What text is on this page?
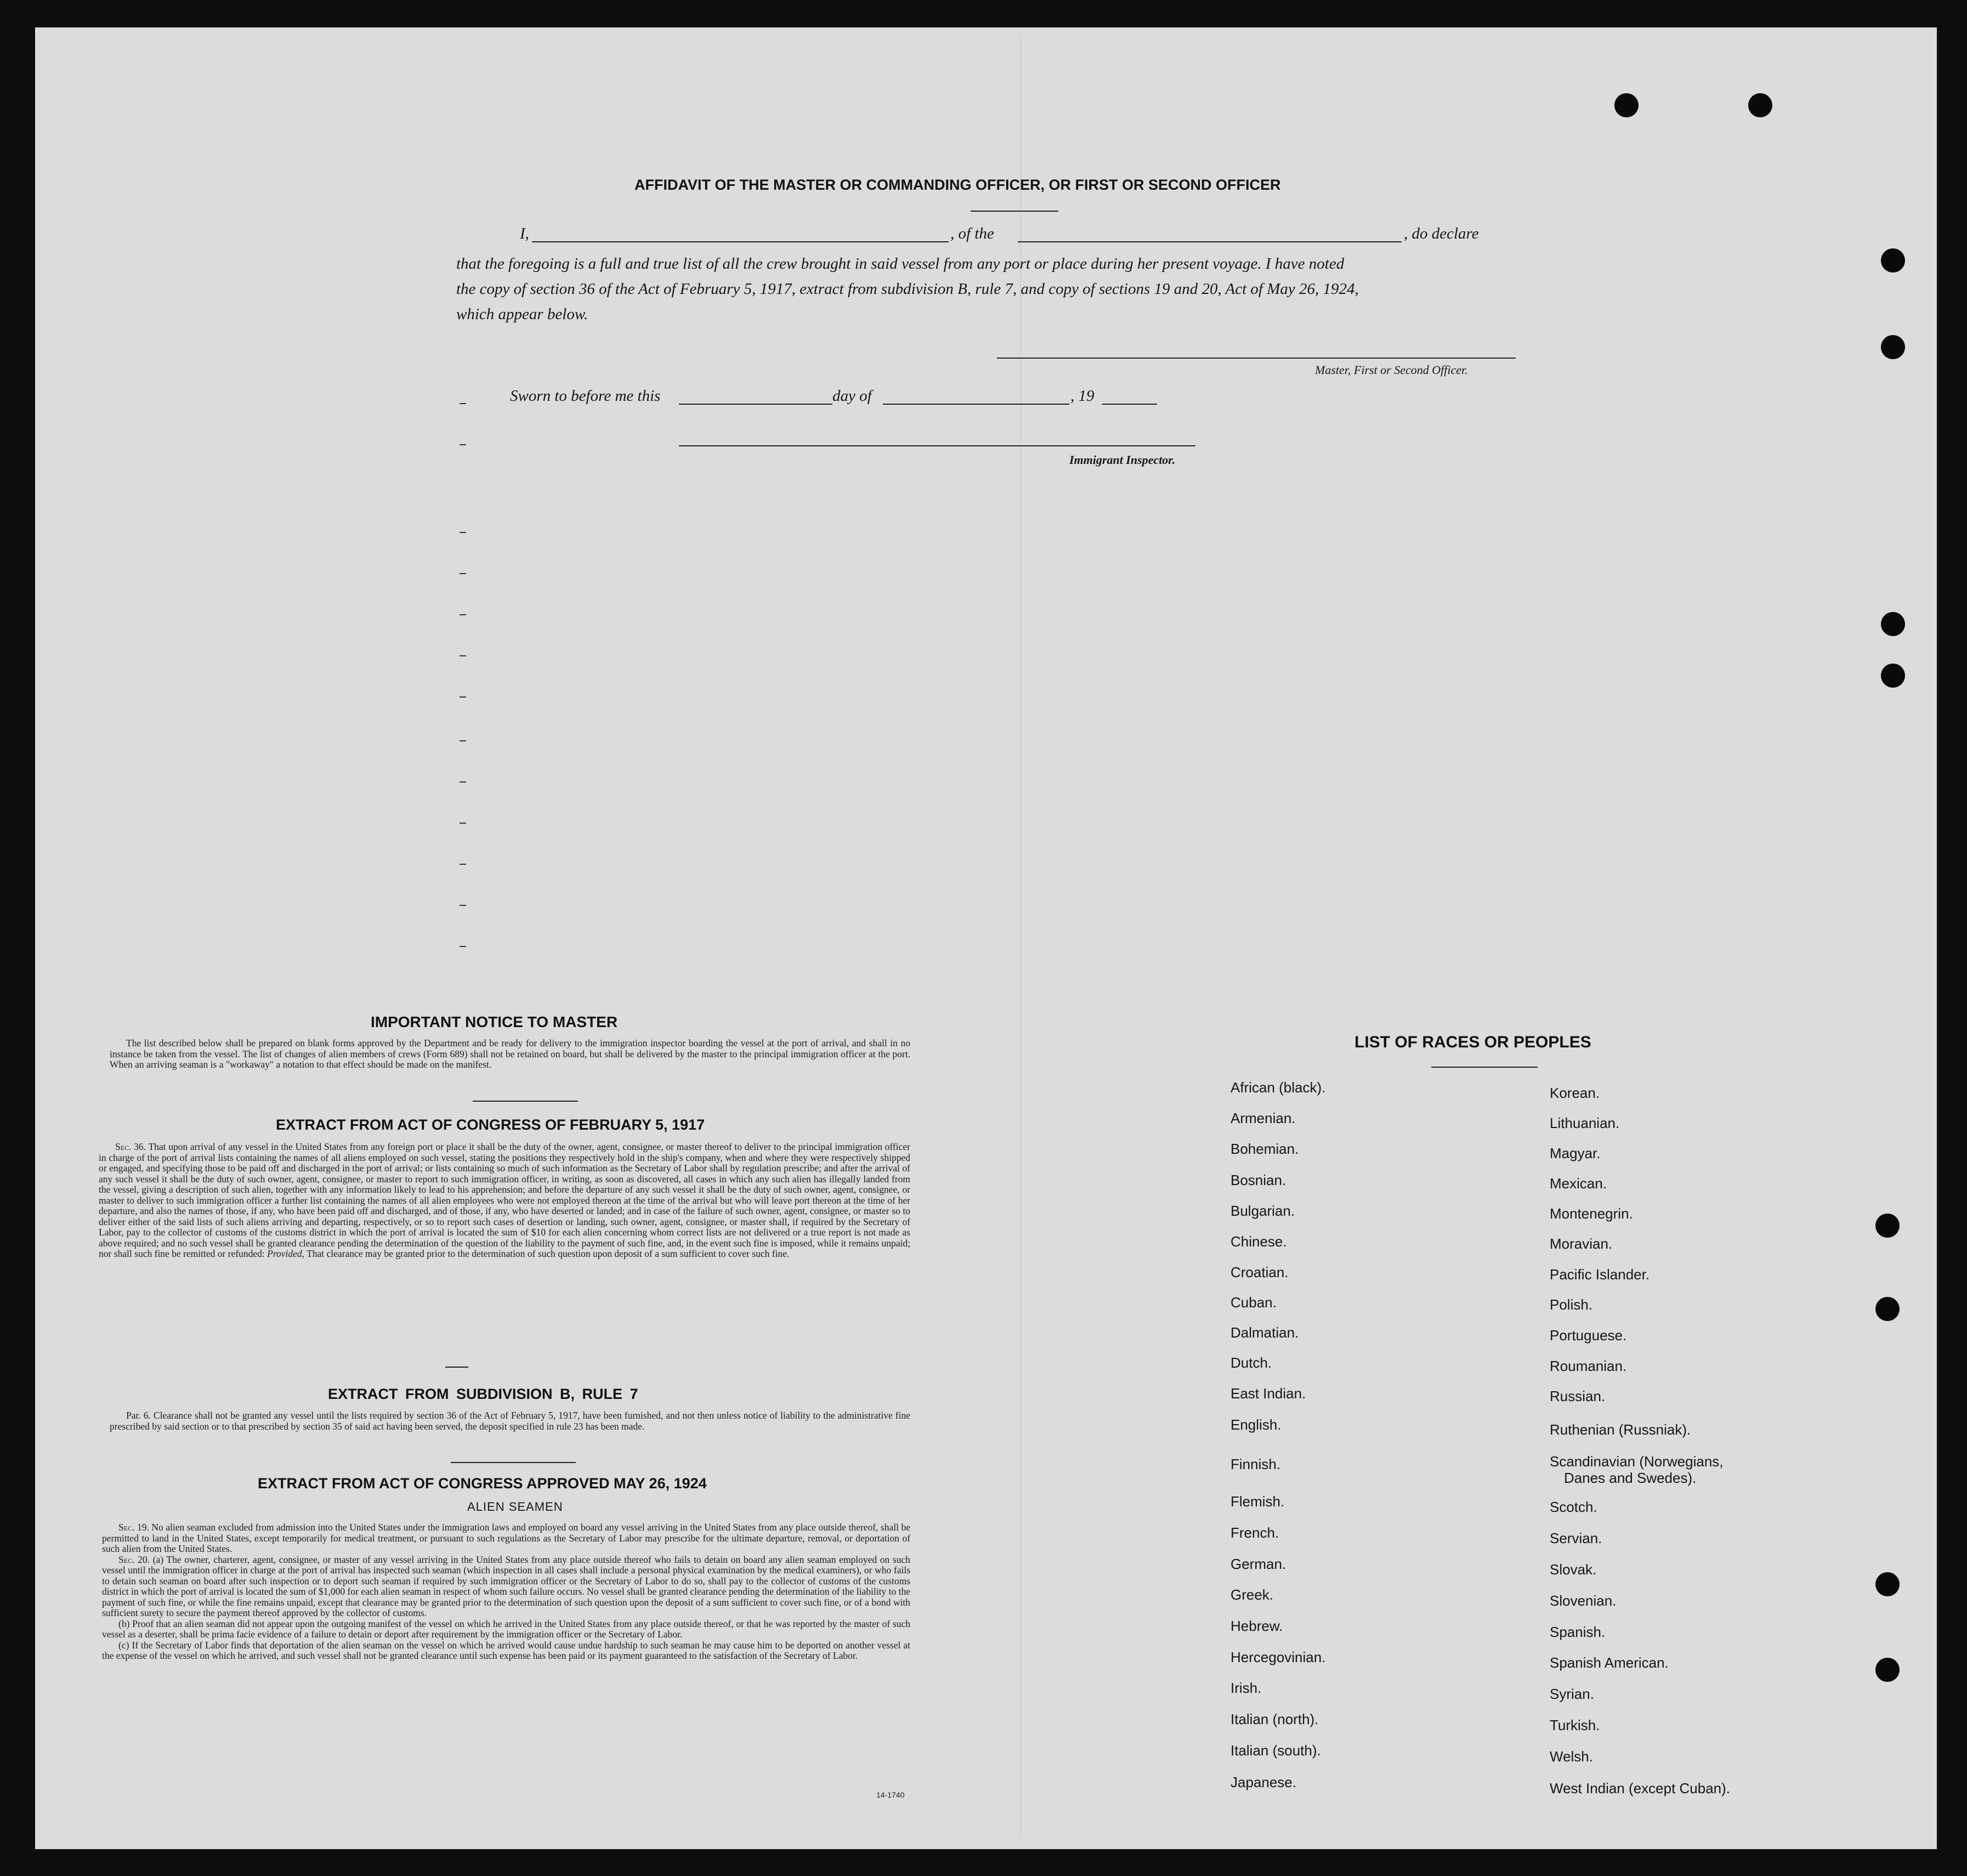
AFFIDAVIT OF THE MASTER OR COMMANDING OFFICER, OR FIRST OR SECOND OFFICER
I,	, of the	, do declare
that the foregoing is a full and true list of all the crew brought in said vessel from any port or place during her present voyage. I have noted
the copy of section 36 of the Act of February 5, 1917, extract from subdivision B, rule 7, and copy of sections 19 and 20, Act of May 26, 1924,
which appear below.
Master, First or Second Officer.
Sworn to before me this	day of	, 19
Immigrant Inspector.
IMPORTANT NOTICE TO MASTER

The list described below shall be prepared on blank forms approved by the Department and be ready for delivery to the immigration inspector boarding the vessel at the port of arrival, and shall in no instance be taken from the vessel. The list of changes of alien members of crews (Form 689) shall not be retained on board, but shall be delivered by the master to the principal immigration officer at the port. When an arriving seaman is a "workaway" a notation to that effect should be made on the manifest.

EXTRACT FROM ACT OF CONGRESS OF FEBRUARY 5, 1917

Sec. 36. That upon arrival of any vessel in the United States from any foreign port or place it shall be the duty of the owner, agent, consignee, or master thereof to deliver to the principal immigration officer in charge of the port of arrival lists containing the names of all aliens employed on such vessel, stating the positions they respectively hold in the ship's company, when and where they were respectively shipped or engaged, and specifying those to be paid off and discharged in the port of arrival; or lists containing so much of such information as the Secretary of Labor shall by regulation prescribe; and after the arrival of any such vessel it shall be the duty of such owner, agent, consignee, or master to report to such immigration officer, in writing, as soon as discovered, all cases in which any such alien has illegally landed from the vessel, giving a description of such alien, together with any information likely to lead to his apprehension; and before the departure of any such vessel it shall be the duty of such owner, agent, consignee, or master to deliver to such immigration officer a further list containing the names of all alien employees who were not employed thereon at the time of the arrival but who will leave port thereon at the time of her departure, and also the names of those, if any, who have been paid off and discharged, and of those, if any, who have deserted or landed; and in case of the failure of such owner, agent, consignee, or master so to deliver either of the said lists of such aliens arriving and departing, respectively, or so to report such cases of desertion or landing, such owner, agent, consignee, or master shall, if required by the Secretary of Labor, pay to the collector of customs of the customs district in which the port of arrival is located the sum of $10 for each alien concerning whom correct lists are not delivered or a true report is not made as above required; and no such vessel shall be granted clearance pending the determination of the question of the liability to the payment of such fine, and, in the event such fine is imposed, while it remains unpaid; nor shall such fine be remitted or refunded: Provided, That clearance may be granted prior to the determination of such question upon deposit of a sum sufficient to cover such fine.

EXTRACT FROM SUBDIVISION B, RULE 7

Par. 6. Clearance shall not be granted any vessel until the lists required by section 36 of the Act of February 5, 1917, have been furnished, and not then unless notice of liability to the administrative fine prescribed by said section or to that prescribed by section 35 of said act having been served, the deposit specified in rule 23 has been made.

EXTRACT FROM ACT OF CONGRESS APPROVED MAY 26, 1924
ALIEN SEAMEN

Sec. 19. No alien seaman excluded from admission into the United States under the immigration laws and employed on board any vessel arriving in the United States from any place outside thereof, shall be permitted to land in the United States, except temporarily for medical treatment, or pursuant to such regulations as the Secretary of Labor may prescribe for the ultimate departure, removal, or deportation of such alien from the United States.

Sec. 20. (a) The owner, charterer, agent, consignee, or master of any vessel arriving in the United States from any place outside thereof who fails to detain on board any alien seaman employed on such vessel until the immigration officer in charge at the port of arrival has inspected such seaman (which inspection in all cases shall include a personal physical examination by the medical examiners), or who fails to detain such seaman on board after such inspection or to deport such seaman if required by such immigration officer or the Secretary of Labor to do so, shall pay to the collector of customs of the customs district in which the port of arrival is located the sum of $1,000 for each alien seaman in respect of whom such failure occurs. No vessel shall be granted clearance pending the determination of the liability to the payment of such fine, or while the fine remains unpaid, except that clearance may be granted prior to the determination of such question upon the deposit of a sum sufficient to cover such fine, or of a bond with sufficient surety to secure the payment thereof approved by the collector of customs.

(b) Proof that an alien seaman did not appear upon the outgoing manifest of the vessel on which he arrived in the United States from any place outside thereof, or that he was reported by the master of such vessel as a deserter, shall be prima facie evidence of a failure to detain or deport after requirement by the immigration officer or the Secretary of Labor.

(c) If the Secretary of Labor finds that deportation of the alien seaman on the vessel on which he arrived would cause undue hardship to such seaman he may cause him to be deported on another vessel at the expense of the vessel on which he arrived, and such vessel shall not be granted clearance until such expense has been paid or its payment guaranteed to the satisfaction of the Secretary of Labor.

14-1740
LIST OF RACES OR PEOPLES
African (black).
Armenian.
Bohemian.
Bosnian.
Bulgarian.
Chinese.
Croatian.
Cuban.
Dalmatian.
Dutch.
East Indian.
English.
Finnish.
Flemish.
French.
German.
Greek.
Hebrew.
Hercegovinian.
Irish.
Italian (north).
Italian (south).
Japanese.
Korean.
Lithuanian.
Magyar.
Mexican.
Montenegrin.
Moravian.
Pacific Islander.
Polish.
Portuguese.
Roumanian.
Russian.
Ruthenian (Russniak).
Scandinavian (Norwegians,
Danes and Swedes).
Scotch.
Servian.
Slovak.
Slovenian.
Spanish.
Spanish American.
Syrian.
Turkish.
Welsh.
West Indian (except Cuban).
